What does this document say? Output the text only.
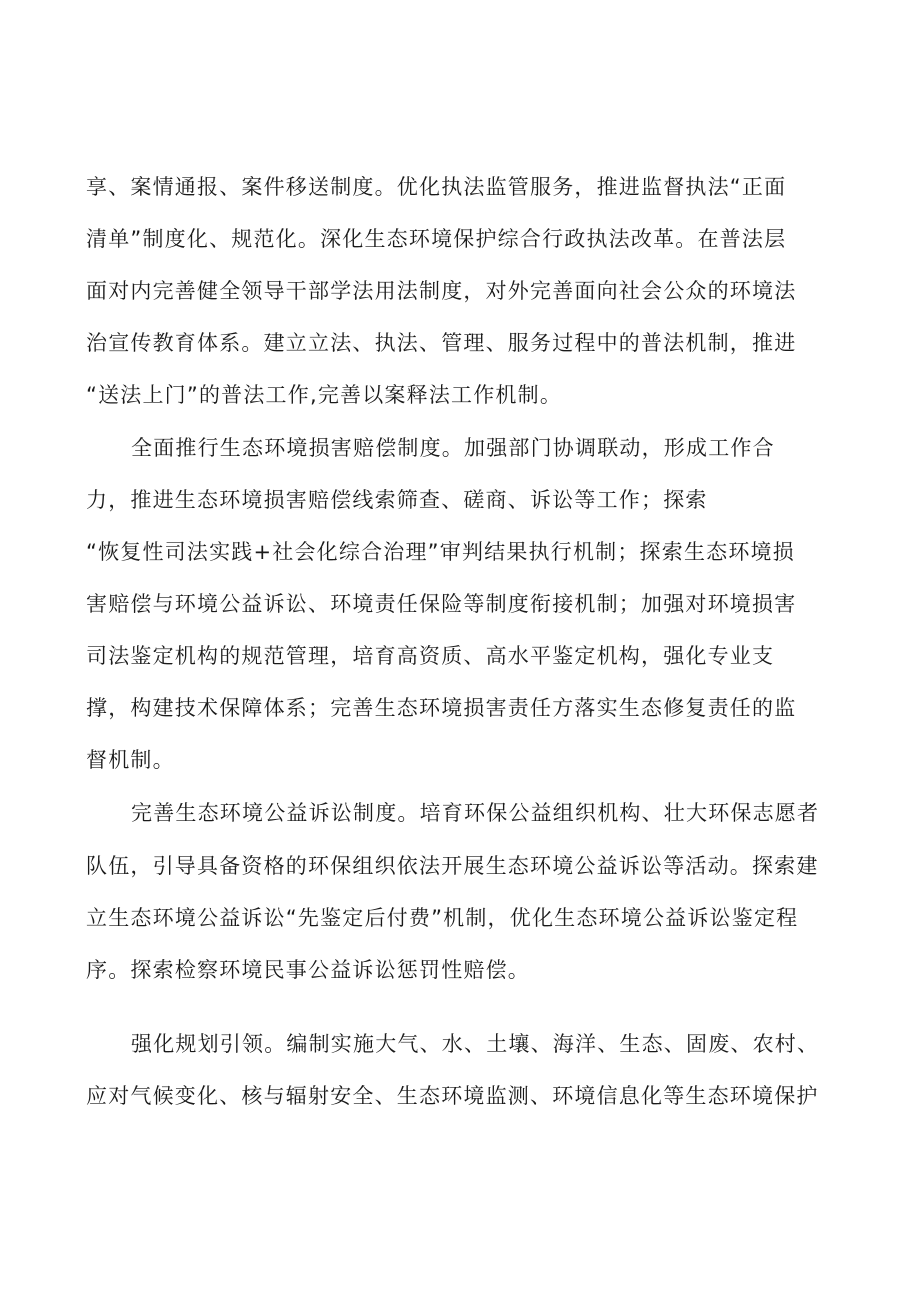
享、案情通报、案件移送制度。优化执法监管服务，推进监督执法“正面
清单”制度化、规范化。深化生态环境保护综合行政执法改革。在普法层
面对内完善健全领导干部学法用法制度，对外完善面向社会公众的环境法
治宣传教育体系。建立立法、执法、管理、服务过程中的普法机制，推进
“送法上门”的普法工作,完善以案释法工作机制。
全面推行生态环境损害赔偿制度。加强部门协调联动，形成工作合
力，推进生态环境损害赔偿线索筛查、磋商、诉讼等工作；探索
“恢复性司法实践+社会化综合治理”审判结果执行机制；探索生态环境损
害赔偿与环境公益诉讼、环境责任保险等制度衔接机制；加强对环境损害
司法鉴定机构的规范管理，培育高资质、高水平鉴定机构，强化专业支
撑，构建技术保障体系；完善生态环境损害责任方落实生态修复责任的监
督机制。
完善生态环境公益诉讼制度。培育环保公益组织机构、壮大环保志愿者
队伍，引导具备资格的环保组织依法开展生态环境公益诉讼等活动。探索建
立生态环境公益诉讼“先鉴定后付费”机制，优化生态环境公益诉讼鉴定程
序。探索检察环境民事公益诉讼惩罚性赔偿。
强化规划引领。编制实施大气、水、土壤、海洋、生态、固废、农村、
应对气候变化、核与辐射安全、生态环境监测、环境信息化等生态环境保护
